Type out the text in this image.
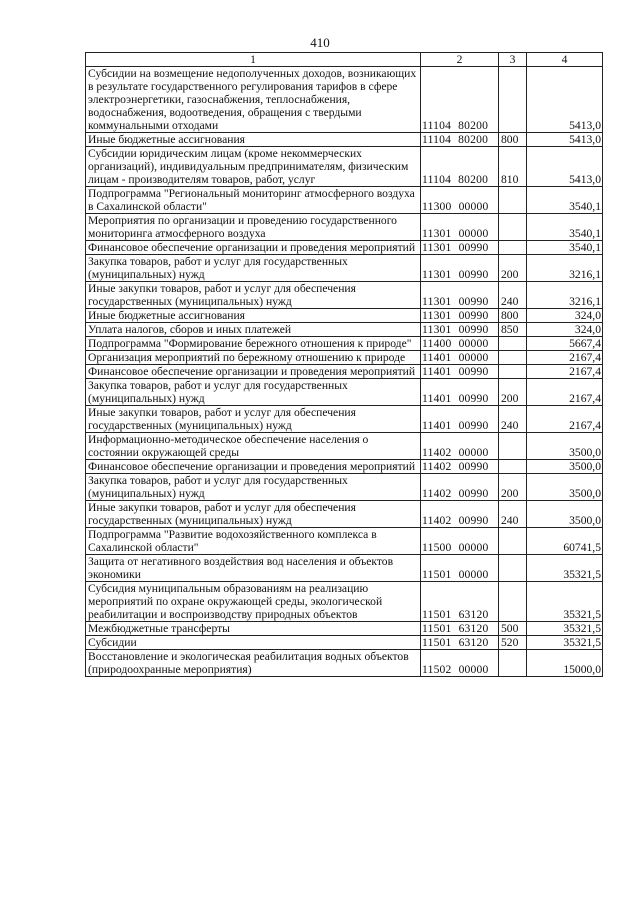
410
1	2	3	4
Субсидии на возмещение недополученных доходов, возникающих в результате государственного регулирования тарифов в сфере электроэнергетики, газоснабжения, теплоснабжения, водоснабжения, водоотведения, обращения с твердыми коммунальными отходами	11104 80200		5413,0
Иные бюджетные ассигнования	11104 80200	800	5413,0
Субсидии юридическим лицам (кроме некоммерческих организаций), индивидуальным предпринимателям, физическим лицам - производителям товаров, работ, услуг	11104 80200	810	5413,0
Подпрограмма "Региональный мониторинг атмосферного воздуха в Сахалинской области"	11300 00000		3540,1
Мероприятия по организации и проведению государственного мониторинга атмосферного воздуха	11301 00000		3540,1
Финансовое обеспечение организации и проведения мероприятий	11301 00990		3540,1
Закупка товаров, работ и услуг для государственных (муниципальных) нужд	11301 00990	200	3216,1
Иные закупки товаров, работ и услуг для обеспечения государственных (муниципальных) нужд	11301 00990	240	3216,1
Иные бюджетные ассигнования	11301 00990	800	324,0
Уплата налогов, сборов и иных платежей	11301 00990	850	324,0
Подпрограмма "Формирование бережного отношения к природе"	11400 00000		5667,4
Организация мероприятий по бережному отношению к природе	11401 00000		2167,4
Финансовое обеспечение организации и проведения мероприятий	11401 00990		2167,4
Закупка товаров, работ и услуг для государственных (муниципальных) нужд	11401 00990	200	2167,4
Иные закупки товаров, работ и услуг для обеспечения государственных (муниципальных) нужд	11401 00990	240	2167,4
Информационно-методическое обеспечение населения о состоянии окружающей среды	11402 00000		3500,0
Финансовое обеспечение организации и проведения мероприятий	11402 00990		3500,0
Закупка товаров, работ и услуг для государственных (муниципальных) нужд	11402 00990	200	3500,0
Иные закупки товаров, работ и услуг для обеспечения государственных (муниципальных) нужд	11402 00990	240	3500,0
Подпрограмма "Развитие водохозяйственного комплекса в Сахалинской области"	11500 00000		60741,5
Защита от негативного воздействия вод населения и объектов экономики	11501 00000		35321,5
Субсидия муниципальным образованиям на реализацию мероприятий по охране окружающей среды, экологической реабилитации и воспроизводству природных объектов	11501 63120		35321,5
Межбюджетные трансферты	11501 63120	500	35321,5
Субсидии	11501 63120	520	35321,5
Восстановление и экологическая реабилитация водных объектов (природоохранные мероприятия)	11502 00000		15000,0
